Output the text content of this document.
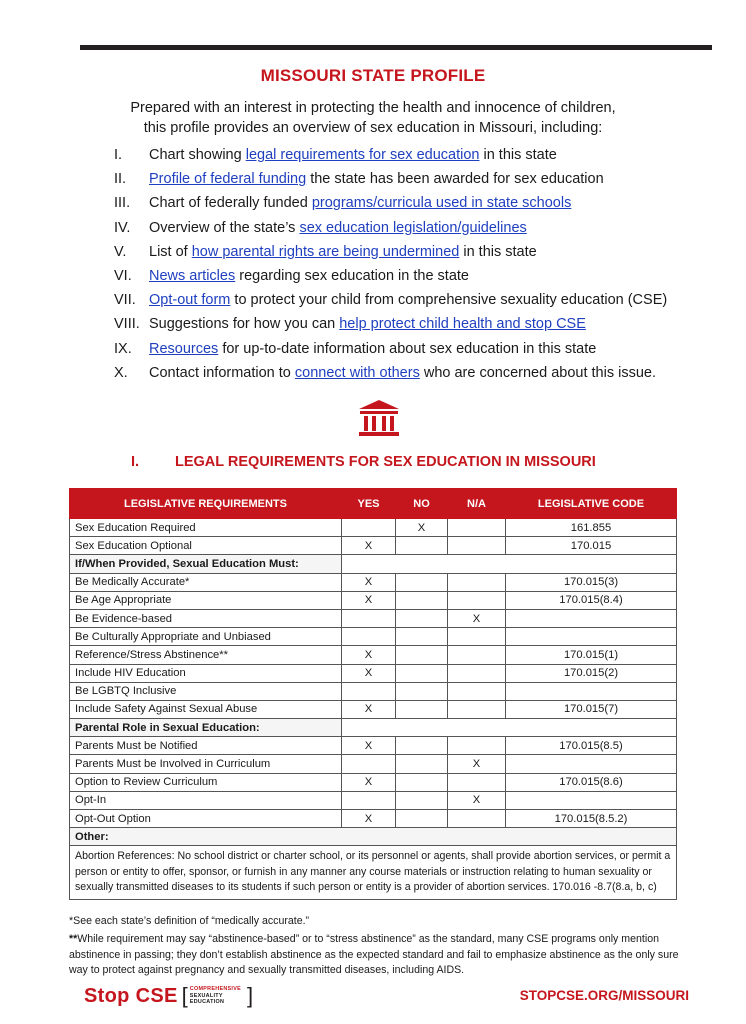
MISSOURI STATE PROFILE
Prepared with an interest in protecting the health and innocence of children,
this profile provides an overview of sex education in Missouri, including:
I.	Chart showing legal requirements for sex education in this state
II.	Profile of federal funding the state has been awarded for sex education
III.	Chart of federally funded programs/curricula used in state schools
IV.	Overview of the state’s sex education legislation/guidelines
V.	List of how parental rights are being undermined in this state
VI.	News articles regarding sex education in the state
VII. Opt-out form to protect your child from comprehensive sexuality education (CSE)
VIII. Suggestions for how you can help protect child health and stop CSE
IX.	Resources for up-to-date information about sex education in this state
X.	Contact information to connect with others who are concerned about this issue.
I. LEGAL REQUIREMENTS FOR SEX EDUCATION IN MISSOURI
LEGISLATIVE REQUIREMENTS	YES	NO	N/A	LEGISLATIVE CODE
Sex Education Required		X		161.855
Sex Education Optional	X			170.015
If/When Provided, Sexual Education Must:				
Be Medically Accurate*	X			170.015(3)
Be Age Appropriate	X			170.015(8.4)
Be Evidence-based			X	
Be Culturally Appropriate and Unbiased				
Reference/Stress Abstinence**	X			170.015(1)
Include HIV Education	X			170.015(2)
Be LGBTQ Inclusive				
Include Safety Against Sexual Abuse	X			170.015(7)
Parental Role in Sexual Education:				
Parents Must be Notified	X			170.015(8.5)
Parents Must be Involved in Curriculum			X	
Option to Review Curriculum	X			170.015(8.6)
Opt-In			X	
Opt-Out Option	X			170.015(8.5.2)
Other:				
Abortion References: No school district or charter school, or its personnel or agents, shall provide abortion services, or permit a person or entity to offer, sponsor, or furnish in any manner any course materials or instruction relating to human sexuality or sexually transmitted diseases to its students if such person or entity is a provider of abortion services. 170.016 -8.7(8.a, b, c)				
*See each state’s definition of “medically accurate.”
**While requirement may say “abstinence-based” or to “stress abstinence” as the standard, many CSE programs only mention abstinence in passing; they don’t establish abstinence as the expected standard and fail to emphasize abstinence as the only sure way to protect against pregnancy and sexually transmitted diseases, including AIDS.
Stop CSE [ COMPREHENSIVE
SEXUALITY
EDUCATION	]	STOPCSE.ORG/MISSOURI
